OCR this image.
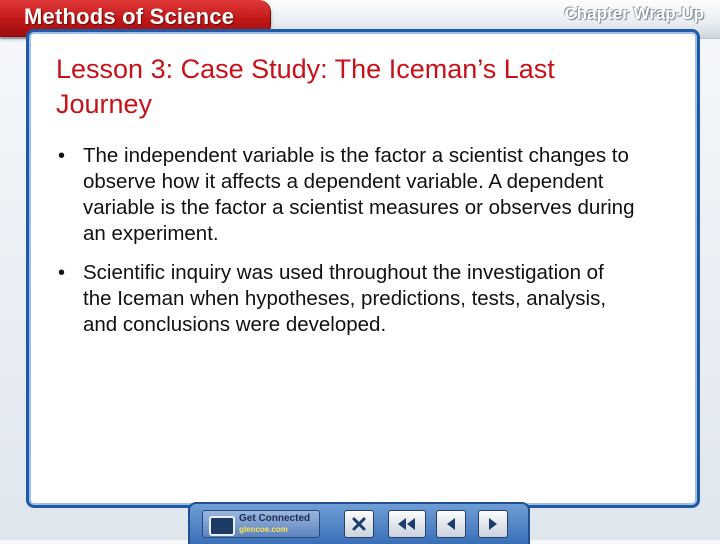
Methods of Science	Chapter Wrap-Up
Lesson 3: Case Study: The Iceman’s Last Journey
• The independent variable is the factor a scientist changes to observe how it affects a dependent variable. A dependent variable is the factor a scientist measures or observes during an experiment.
• Scientific inquiry was used throughout the investigation of the Iceman when hypotheses, predictions, tests, analysis, and conclusions were developed.
Get Connected
glencoe.com
